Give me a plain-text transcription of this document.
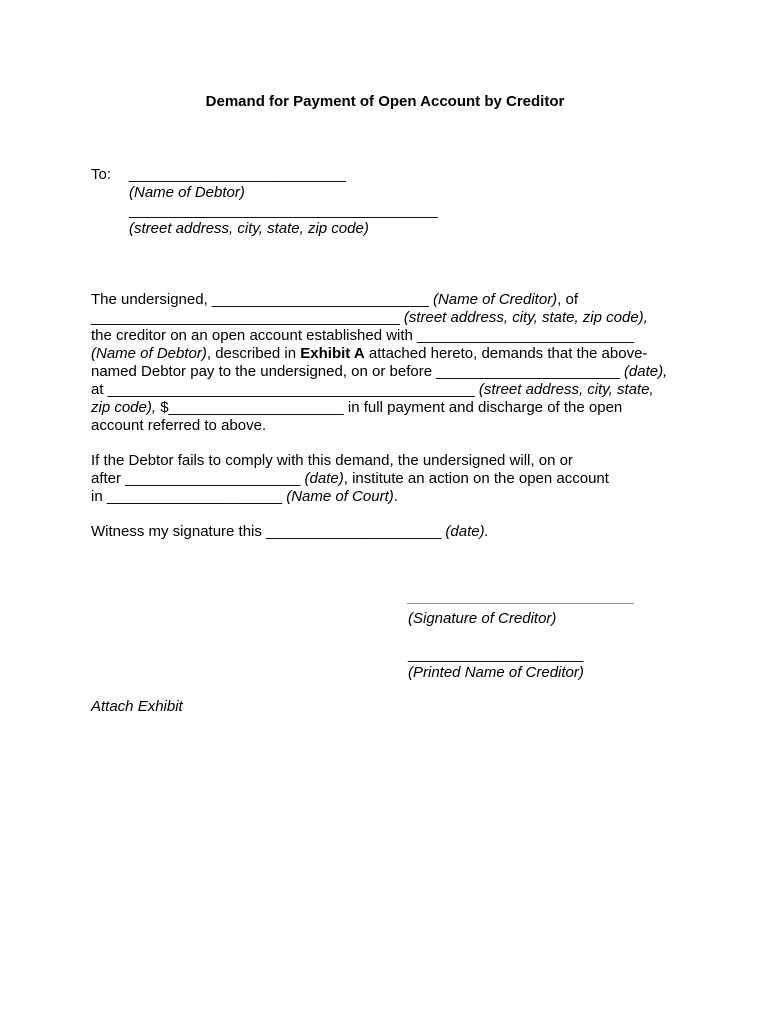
Demand for Payment of Open Account by Creditor
To: __________________________
(Name of Debtor)
_____________________________________
(street address, city, state, zip code)
The undersigned, __________________________ (Name of Creditor), of
_____________________________________ (street address, city, state, zip code),
the creditor on an open account established with __________________________
(Name of Debtor), described in Exhibit A attached hereto, demands that the above-
named Debtor pay to the undersigned, on or before ______________________ (date),
at ____________________________________________ (street address, city, state,
zip code), $_____________________ in full payment and discharge of the open
account referred to above.
If the Debtor fails to comply with this demand, the undersigned will, on or
after _____________________ (date), institute an action on the open account
in _____________________ (Name of Court).
Witness my signature this _____________________ (date).
(Signature of Creditor)
_____________________
(Printed Name of Creditor)
Attach Exhibit
